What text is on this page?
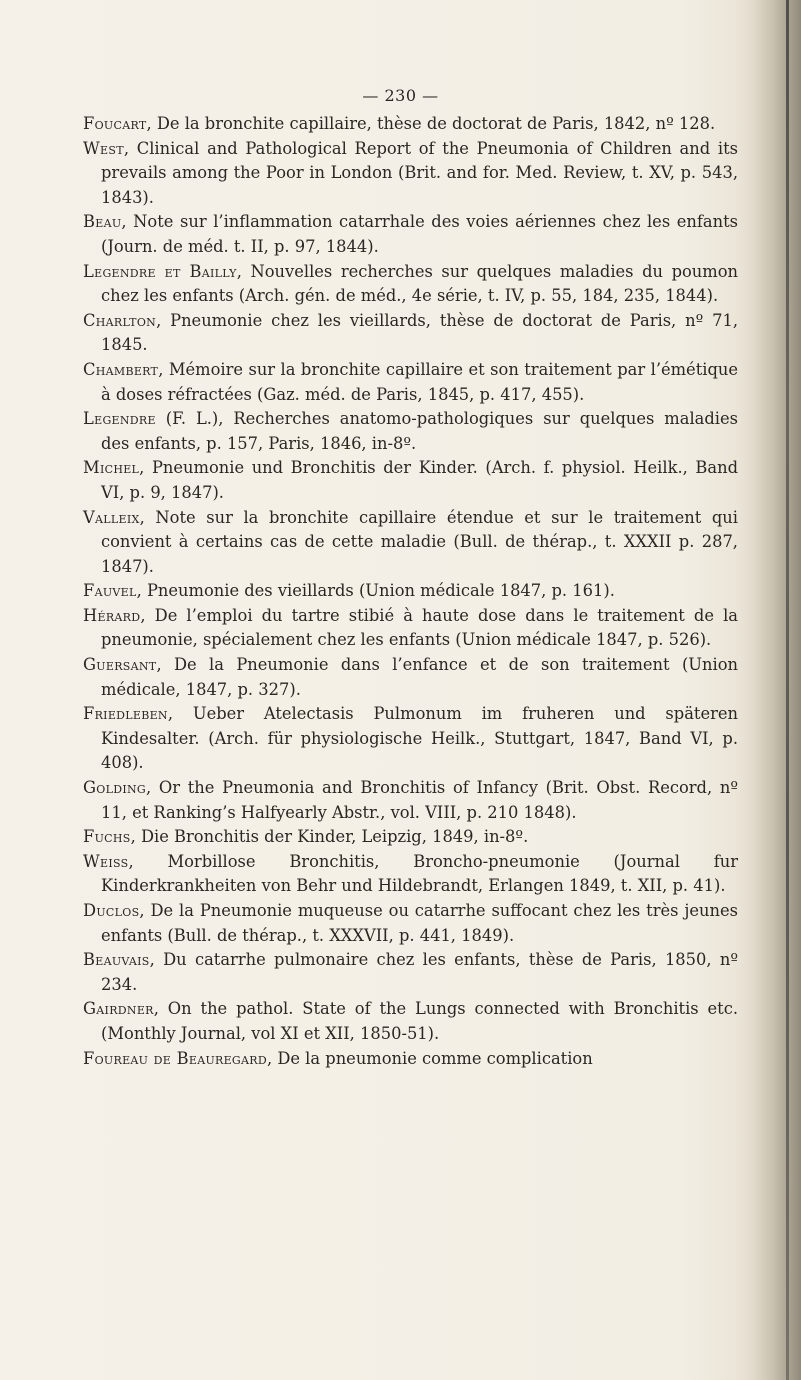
— 230 —

Foucart, De la bronchite capillaire, thèse de doctorat de Paris, 1842, nº 128.

West, Clinical and Pathological Report of the Pneumonia of Children and its prevails among the Poor in London (Brit. and for. Med. Review, t. XV, p. 543, 1843).

Beau, Note sur l’inflammation catarrhale des voies aériennes chez les enfants (Journ. de méd. t. II, p. 97, 1844).

Legendre et Bailly, Nouvelles recherches sur quelques maladies du poumon chez les enfants (Arch. gén. de méd., 4e série, t. IV, p. 55, 184, 235, 1844).

Charlton, Pneumonie chez les vieillards, thèse de doctorat de Paris, nº 71, 1845.

Chambert, Mémoire sur la bronchite capillaire et son traitement par l’émétique à doses réfractées (Gaz. méd. de Paris, 1845, p. 417, 455).

Legendre (F. L.), Recherches anatomo-pathologiques sur quelques maladies des enfants, p. 157, Paris, 1846, in-8º.

Michel, Pneumonie und Bronchitis der Kinder. (Arch. f. physiol. Heilk., Band VI, p. 9, 1847).

Valleix, Note sur la bronchite capillaire étendue et sur le traitement qui convient à certains cas de cette maladie (Bull. de thérap., t. XXXII p. 287, 1847).

Fauvel, Pneumonie des vieillards (Union médicale 1847, p. 161).

Hérard, De l’emploi du tartre stibié à haute dose dans le traitement de la pneumonie, spécialement chez les enfants (Union médicale 1847, p. 526).

Guersant, De la Pneumonie dans l’enfance et de son traitement (Union médicale, 1847, p. 327).

Friedleben, Ueber Atelectasis Pulmonum im fruheren und späteren Kindesalter. (Arch. für physiologische Heilk., Stuttgart, 1847, Band VI, p. 408).

Golding, Or the Pneumonia and Bronchitis of Infancy (Brit. Obst. Record, nº 11, et Ranking’s Halfyearly Abstr., vol. VIII, p. 210 1848).

Fuchs, Die Bronchitis der Kinder, Leipzig, 1849, in-8º.

Weiss, Morbillose Bronchitis, Broncho-pneumonie (Journal fur Kinderkrankheiten von Behr und Hildebrandt, Erlangen 1849, t. XII, p. 41).

Duclos, De la Pneumonie muqueuse ou catarrhe suffocant chez les très jeunes enfants (Bull. de thérap., t. XXXVII, p. 441, 1849).

Beauvais, Du catarrhe pulmonaire chez les enfants, thèse de Paris, 1850, nº 234.

Gairdner, On the pathol. State of the Lungs connected with Bronchitis etc. (Monthly Journal, vol XI et XII, 1850-51).

Foureau de Beauregard, De la pneumonie comme complication
